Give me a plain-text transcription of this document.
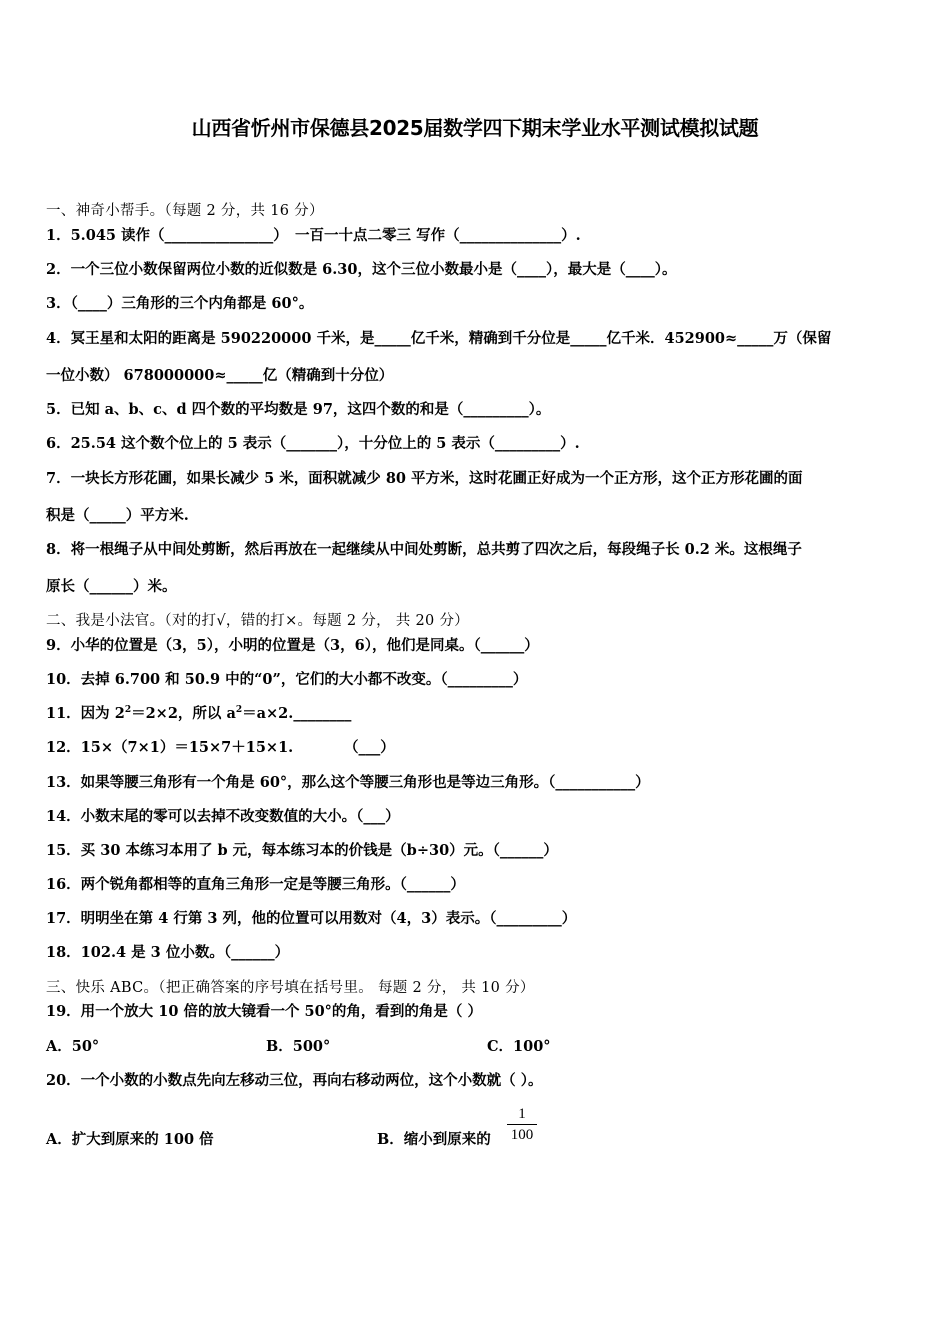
山西省忻州市保德县2025届数学四下期末学业水平测试模拟试题
一、神奇小帮手。（每题 2 分，共 16 分）
1．5.045 读作（_______________）　一百一十点二零三 写作（______________）.
2．一个三位小数保留两位小数的近似数是 6.30，这个三位小数最小是（____），最大是（____）。
3．（____）三角形的三个内角都是 60°。
4．冥王星和太阳的距离是 590220000 千米，是_____亿千米，精确到千分位是_____亿千米．452900≈_____万（保留
一位小数） 678000000≈_____亿（精确到十分位）
5．已知 a、b、c、d 四个数的平均数是 97，这四个数的和是（_________）。
6．25.54 这个数个位上的 5 表示（_______），十分位上的 5 表示（_________）.
7．一块长方形花圃，如果长减少 5 米，面积就减少 80 平方米，这时花圃正好成为一个正方形，这个正方形花圃的面
积是（_____）平方米.
8．将一根绳子从中间处剪断，然后再放在一起继续从中间处剪断，总共剪了四次之后，每段绳子长 0.2 米。这根绳子
原长（______）米。
二、我是小法官。（对的打√，错的打×。每题 2 分， 共 20 分）
9．小华的位置是（3，5），小明的位置是（3，6），他们是同桌。（______）
10．去掉 6.700 和 50.9 中的“0”，它们的大小都不改变。（_________）
11．因为 $2^2=2\times 2$，所以 $a^2=a\times 2.\_\_\_\_\_\_\_\_$
12．15×（7×1）＝15×7＋15×1.　　　　（___）
13．如果等腰三角形有一个角是 60°，那么这个等腰三角形也是等边三角形。（___________）
14．小数末尾的零可以去掉不改变数值的大小。（___）
15．买 30 本练习本用了 b 元，每本练习本的价钱是（b÷30）元。（______）
16．两个锐角都相等的直角三角形一定是等腰三角形。（______）
17．明明坐在第 4 行第 3 列，他的位置可以用数对（4，3）表示。（_________）
18．102.4 是 3 位小数。（______）
三、快乐 ABC。（把正确答案的序号填在括号里。 每题 2 分， 共 10 分）
19．用一个放大 10 倍的放大镜看一个 50°的角，看到的角是（ ）
A．50°	B．500°	C．100°
20．一个小数的小数点先向左移动三位，再向右移动两位，这个小数就（ ）。
A．扩大到原来的 100 倍	B．缩小到原来的
1
100
